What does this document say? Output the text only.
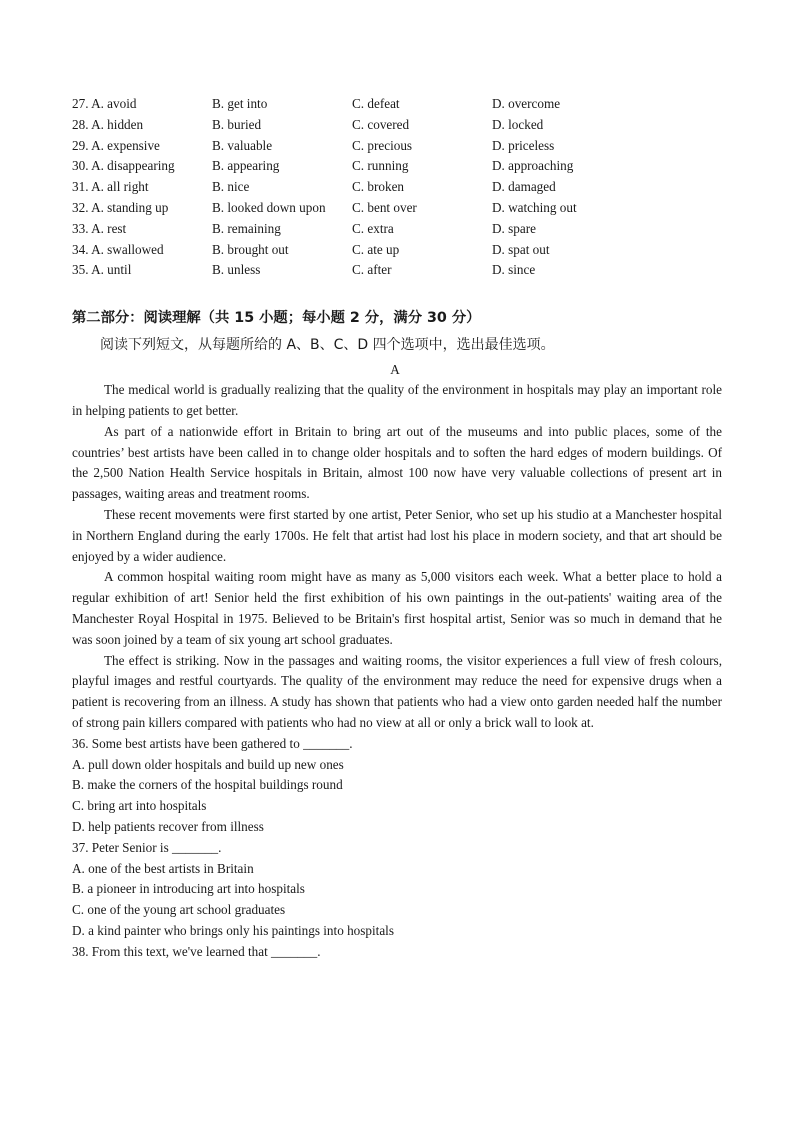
27. A. avoid	B. get into	C. defeat	D. overcome
28. A. hidden	B. buried	C. covered	D. locked
29. A. expensive	B. valuable	C. precious	D. priceless
30. A. disappearing	B. appearing	C. running	D. approaching
31. A. all right	B. nice	C. broken	D. damaged
32. A. standing up	B. looked down upon	C. bent over	D. watching out
33. A. rest	B. remaining	C. extra	D. spare
34. A. swallowed	B. brought out	C. ate up	D. spat out
35. A. until	B. unless	C. after	D. since
第二部分：阅读理解（共 15 小题；每小题 2 分，满分 30 分）
阅读下列短文，从每题所给的 A、B、C、D 四个选项中，选出最佳选项。
A

The medical world is gradually realizing that the quality of the environment in hospitals may play an important role in helping patients to get better.

As part of a nationwide effort in Britain to bring art out of the museums and into public places, some of the countries’ best artists have been called in to change older hospitals and to soften the hard edges of modern buildings. Of the 2,500 Nation Health Service hospitals in Britain, almost 100 now have very valuable collections of present art in passages, waiting areas and treatment rooms.

These recent movements were first started by one artist, Peter Senior, who set up his studio at a Manchester hospital in Northern England during the early 1700s. He felt that artist had lost his place in modern society, and that art should be enjoyed by a wider audience.

A common hospital waiting room might have as many as 5,000 visitors each week. What a better place to hold a regular exhibition of art! Senior held the first exhibition of his own paintings in the out-patients' waiting area of the Manchester Royal Hospital in 1975. Believed to be Britain's first hospital artist, Senior was so much in demand that he was soon joined by a team of six young art school graduates.

The effect is striking. Now in the passages and waiting rooms, the visitor experiences a full view of fresh colours, playful images and restful courtyards. The quality of the environment may reduce the need for expensive drugs when a patient is recovering from an illness. A study has shown that patients who had a view onto garden needed half the number of strong pain killers compared with patients who had no view at all or only a brick wall to look at.

36. Some best artists have been gathered to _______.

A. pull down older hospitals and build up new ones

B. make the corners of the hospital buildings round

C. bring art into hospitals

D. help patients recover from illness

37. Peter Senior is _______.

A. one of the best artists in Britain

B. a pioneer in introducing art into hospitals

C. one of the young art school graduates

D. a kind painter who brings only his paintings into hospitals

38. From this text, we've learned that _______.
